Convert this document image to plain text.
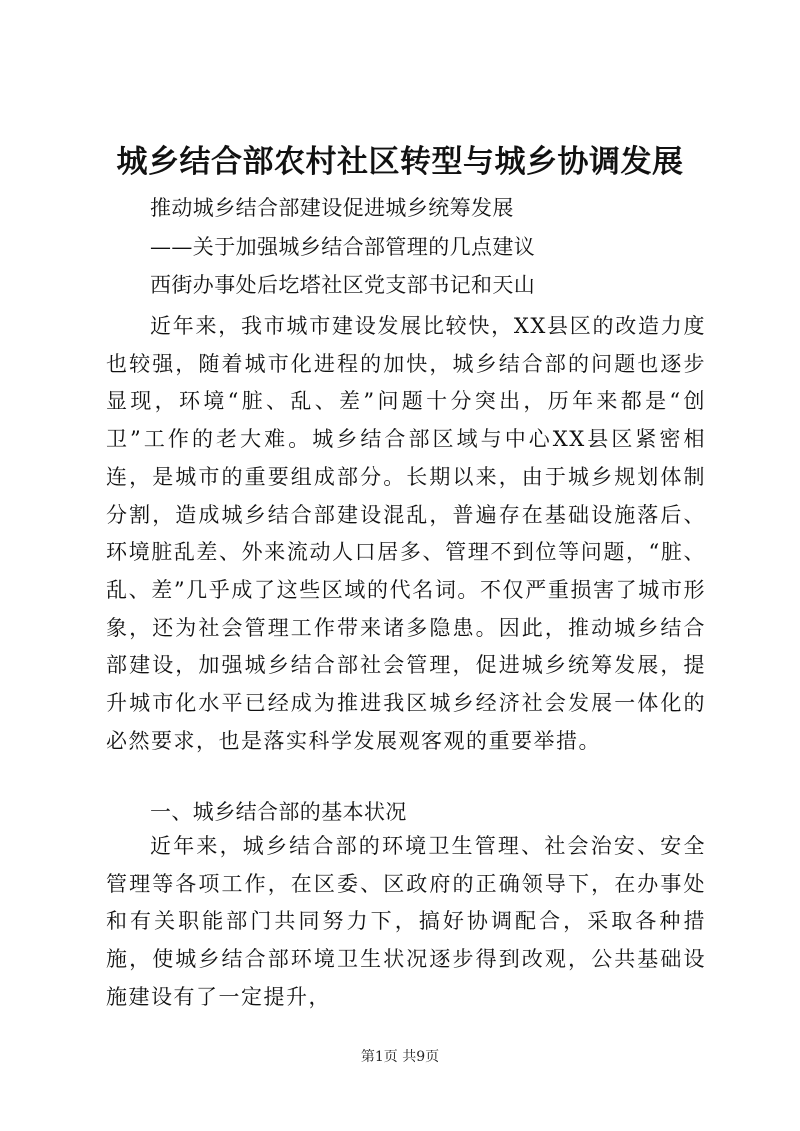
城乡结合部农村社区转型与城乡协调发展
推动城乡结合部建设促进城乡统筹发展
——关于加强城乡结合部管理的几点建议
西街办事处后圪塔社区党支部书记和天山
近年来，我市城市建设发展比较快，XX县区的改造力度也较强，随着城市化进程的加快，城乡结合部的问题也逐步显现，环境“脏、乱、差”问题十分突出，历年来都是“创卫”工作的老大难。城乡结合部区域与中心XX县区紧密相连，是城市的重要组成部分。长期以来，由于城乡规划体制分割，造成城乡结合部建设混乱，普遍存在基础设施落后、环境脏乱差、外来流动人口居多、管理不到位等问题，“脏、乱、差”几乎成了这些区域的代名词。不仅严重损害了城市形象，还为社会管理工作带来诸多隐患。因此，推动城乡结合部建设，加强城乡结合部社会管理，促进城乡统筹发展，提升城市化水平已经成为推进我区城乡经济社会发展一体化的必然要求，也是落实科学发展观客观的重要举措。
一、城乡结合部的基本状况
近年来，城乡结合部的环境卫生管理、社会治安、安全管理等各项工作，在区委、区政府的正确领导下，在办事处和有关职能部门共同努力下，搞好协调配合，采取各种措施，使城乡结合部环境卫生状况逐步得到改观，公共基础设施建设有了一定提升，
第1页 共9页
